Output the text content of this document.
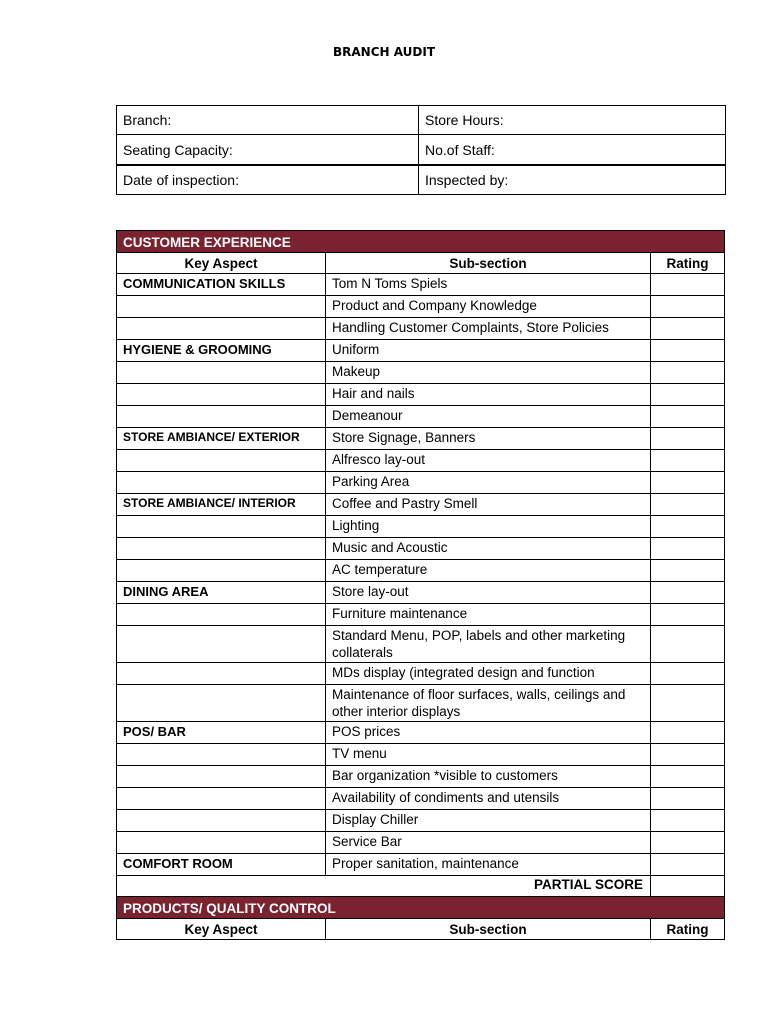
BRANCH AUDIT
Branch:	Store Hours:
Seating Capacity:	No.of Staff:
Date of inspection:	Inspected by:
CUSTOMER EXPERIENCE		
Key Aspect	Sub-section	Rating
COMMUNICATION SKILLS	Tom N Toms Spiels	
	Product and Company Knowledge	
	Handling Customer Complaints, Store Policies	
HYGIENE & GROOMING	Uniform	
	Makeup	
	Hair and nails	
	Demeanour	
STORE AMBIANCE/ EXTERIOR	Store Signage, Banners	
	Alfresco lay-out	
	Parking Area	
STORE AMBIANCE/ INTERIOR	Coffee and Pastry Smell	
	Lighting	
	Music and Acoustic	
	AC temperature	
DINING AREA	Store lay-out	
	Furniture maintenance	
	Standard Menu, POP, labels and other marketing collaterals	
	MDs display (integrated design and function	
	Maintenance of floor surfaces, walls, ceilings and other interior displays	
POS/ BAR	POS prices	
	TV menu	
	Bar organization *visible to customers	
	Availability of condiments and utensils	
	Display Chiller	
	Service Bar	
COMFORT ROOM	Proper sanitation, maintenance	
PARTIAL SCORE		
PRODUCTS/ QUALITY CONTROL		
Key Aspect	Sub-section	Rating
